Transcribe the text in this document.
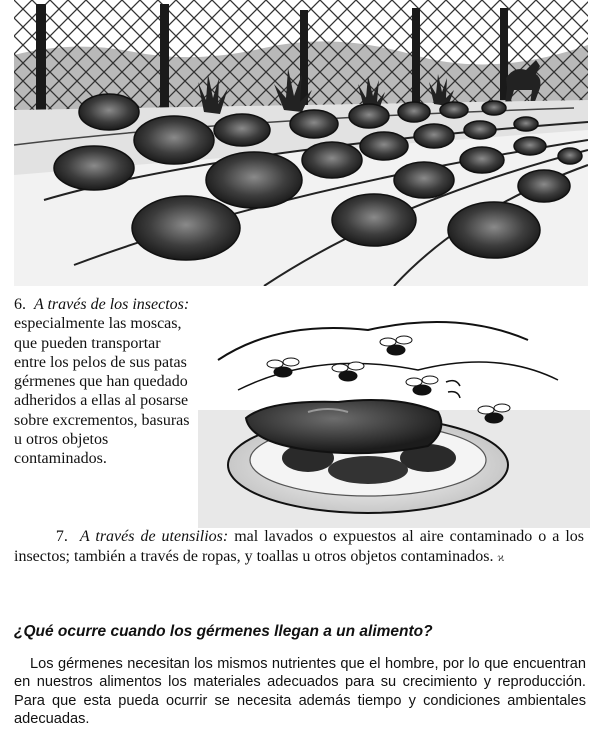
6. A través de los insectos:
especialmente las moscas, que pueden transportar entre los pelos de sus patas gérmenes que han quedado adheridos a ellas al posarse sobre excrementos, basuras u otros objetos contaminados.
7. A través de utensilios: mal lavados o expuestos al aire contaminado o a los insectos; también a través de ropas, y toallas u otros objetos contaminados. ϰ
¿Qué ocurre cuando los gérmenes llegan a un alimento?
Los gérmenes necesitan los mismos nutrientes que el hombre, por lo que encuentran en nuestros alimentos los materiales adecuados para su crecimiento y reproducción. Para que esta pueda ocurrir se necesita además tiempo y condiciones ambientales adecuadas.
